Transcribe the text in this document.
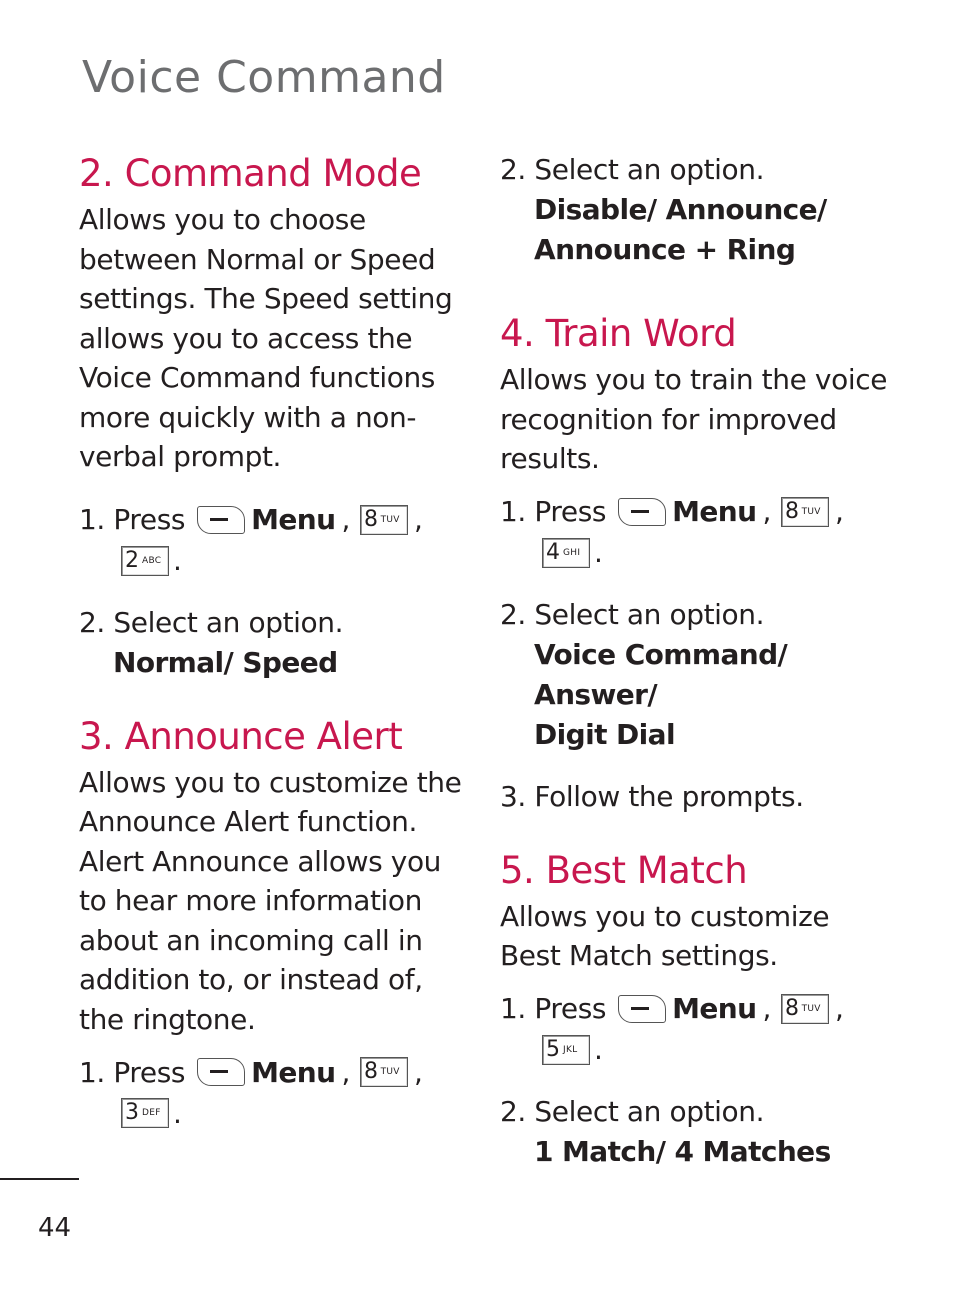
Voice Command
2. Command Mode

Allows you to choose between Normal or Speed settings. The Speed setting allows you to access the Voice Command functions more quickly with a non-verbal prompt.

1. Press Menu , 8 TUV ,
2 ABC .

2. Select an option.

Normal/ Speed

3. Announce Alert

Allows you to customize the Announce Alert function. Alert Announce allows you to hear more information about an incoming call in addition to, or instead of, the ringtone.

1. Press Menu , 8 TUV ,
3 DEF .

2. Select an option.

Disable/ Announce/

Announce + Ring

4. Train Word

Allows you to train the voice recognition for improved results.

1. Press Menu , 8 TUV ,
4 GHI .

2. Select an option.

Voice Command/ Answer/

Digit Dial

3. Follow the prompts.

5. Best Match

Allows you to customize Best Match settings.

1. Press Menu , 8 TUV ,
5 JKL .

2. Select an option.

1 Match/ 4 Matches

44
